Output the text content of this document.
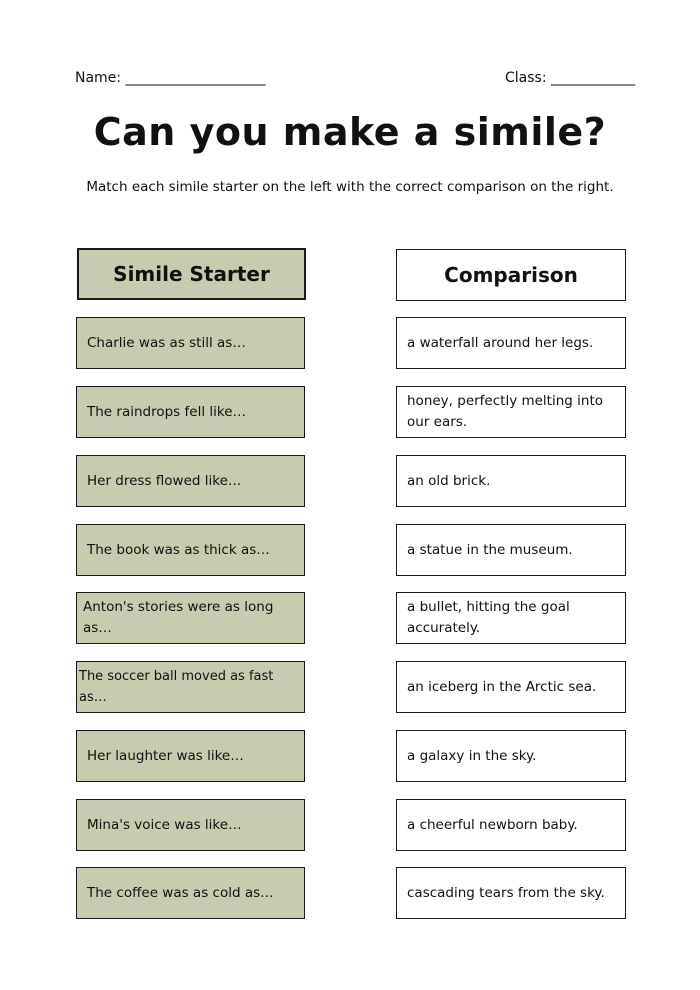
Name: ____________________	Class: ____________
Can you make a simile?
Match each simile starter on the left with the correct comparison on the right.
Simile Starter	Comparison
Charlie was as still as…
The raindrops fell like…
Her dress flowed like…
The book was as thick as…
Anton's stories were as long as…
The soccer ball moved as fast as…
Her laughter was like…
Mina's voice was like…
The coffee was as cold as…
a waterfall around her legs.
honey, perfectly melting into our ears.
an old brick.
a statue in the museum.
a bullet, hitting the goal accurately.
an iceberg in the Arctic sea.
a galaxy in the sky.
a cheerful newborn baby.
cascading tears from the sky.
